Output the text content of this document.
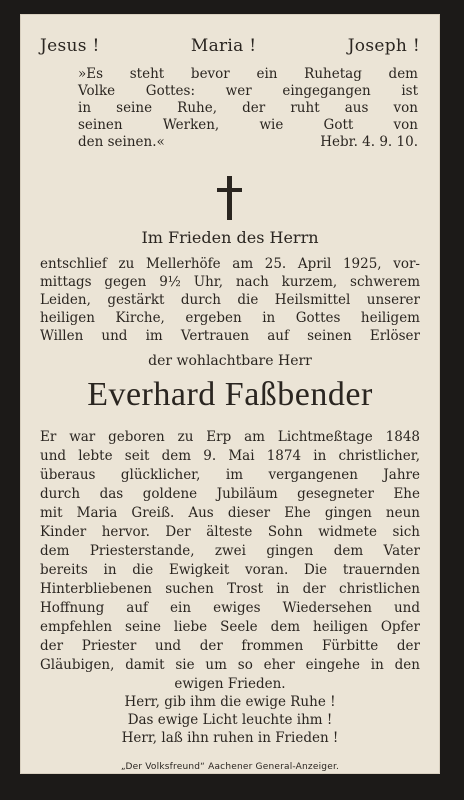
Jesus !	Maria !	Joseph !
»Es steht bevor ein Ruhetag dem
Volke Gottes: wer eingegangen ist
in seine Ruhe, der ruht aus von
seinen Werken, wie Gott von
den seinen.«	Hebr. 4. 9. 10.
Im Frieden des Herrn
entschlief zu Mellerhöfe am 25. April 1925, vor-
mittags gegen 9½ Uhr, nach kurzem, schwerem
Leiden, gestärkt durch die Heilsmittel unserer
heiligen Kirche, ergeben in Gottes heiligem
Willen und im Vertrauen auf seinen Erlöser
der wohlachtbare Herr
Everhard Faßbender
Er war geboren zu Erp am Lichtmeßtage 1848
und lebte seit dem 9. Mai 1874 in christlicher,
überaus glücklicher, im vergangenen Jahre
durch das goldene Jubiläum gesegneter Ehe
mit Maria Greiß. Aus dieser Ehe gingen neun
Kinder hervor. Der älteste Sohn widmete sich
dem Priesterstande, zwei gingen dem Vater
bereits in die Ewigkeit voran. Die trauernden
Hinterbliebenen suchen Trost in der christlichen
Hoffnung auf ein ewiges Wiedersehen und
empfehlen seine liebe Seele dem heiligen Opfer
der Priester und der frommen Fürbitte der
Gläubigen, damit sie um so eher eingehe in den
ewigen Frieden.
Herr, gib ihm die ewige Ruhe !
Das ewige Licht leuchte ihm !
Herr, laß ihn ruhen in Frieden !
„Der Volksfreund“ Aachener General-Anzeiger.
